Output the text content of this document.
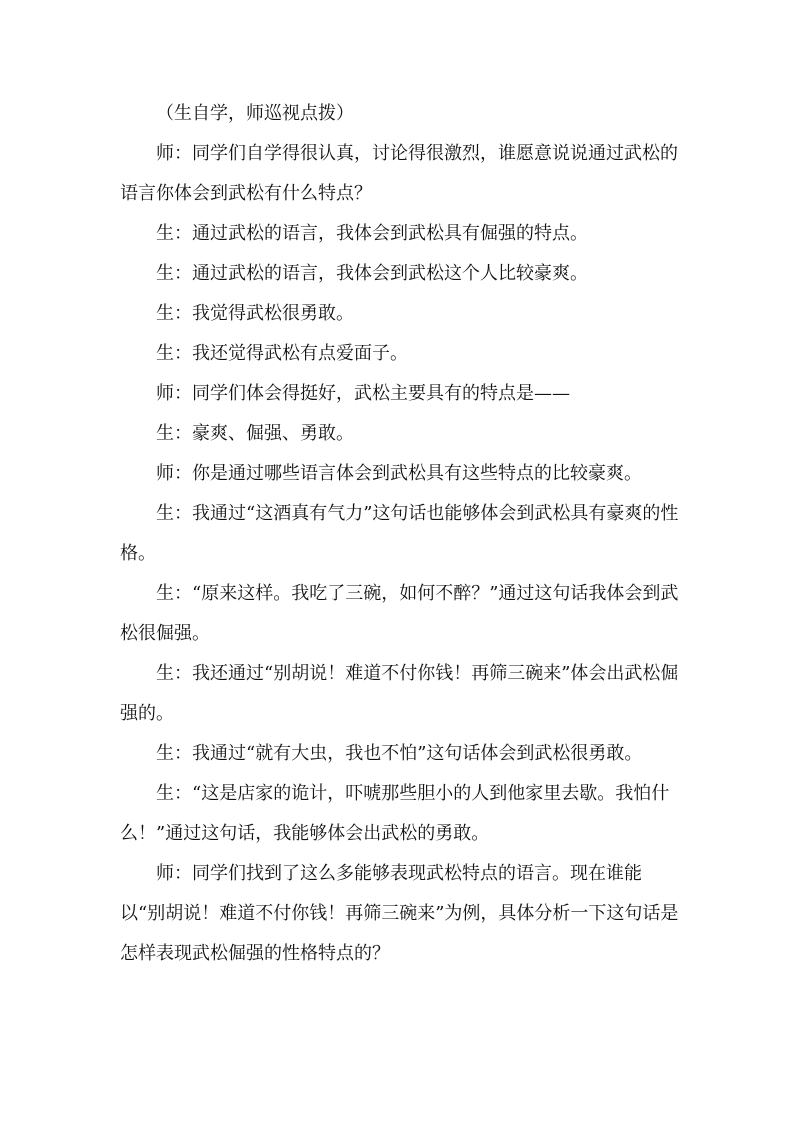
（生自学，师巡视点拨）

师：同学们自学得很认真，讨论得很激烈，谁愿意说说通过武松的语言你体会到武松有什么特点？

生：通过武松的语言，我体会到武松具有倔强的特点。

生：通过武松的语言，我体会到武松这个人比较豪爽。

生：我觉得武松很勇敢。

生：我还觉得武松有点爱面子。

师：同学们体会得挺好，武松主要具有的特点是——

生：豪爽、倔强、勇敢。

师：你是通过哪些语言体会到武松具有这些特点的比较豪爽。

生：我通过“这酒真有气力”这句话也能够体会到武松具有豪爽的性格。

生：“原来这样。我吃了三碗，如何不醉？”通过这句话我体会到武松很倔强。

生：我还通过“别胡说！难道不付你钱！再筛三碗来”体会出武松倔强的。

生：我通过“就有大虫，我也不怕”这句话体会到武松很勇敢。

生：“这是店家的诡计，吓唬那些胆小的人到他家里去歇。我怕什么！”通过这句话，我能够体会出武松的勇敢。

师：同学们找到了这么多能够表现武松特点的语言。现在谁能以“别胡说！难道不付你钱！再筛三碗来”为例，具体分析一下这句话是怎样表现武松倔强的性格特点的？
